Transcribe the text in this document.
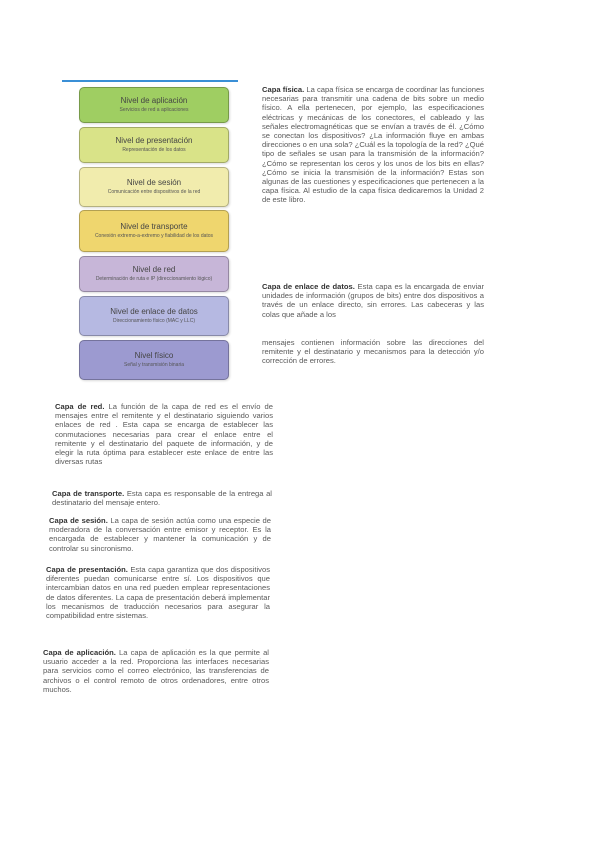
Nivel de aplicación
Servicios de red a aplicaciones
Nivel de presentación
Representación de los datos
Nivel de sesión
Comunicación entre dispositivos de la red
Nivel de transporte
Conexión extremo-a-extremo y fiabilidad de los datos
Nivel de red
Determinación de ruta e IP (direccionamiento lógico)
Nivel de enlace de datos
Direccionamiento físico (MAC y LLC)
Nivel físico
Señal y transmisión binaria
Capa física. La capa física se encarga de coordinar las funciones necesarias para transmitir una cadena de bits sobre un medio físico. A ella pertenecen, por ejemplo, las especificaciones eléctricas y mecánicas de los conectores, el cableado y las señales electromagnéticas que se envían a través de él. ¿Cómo se conectan los dispositivos? ¿La información fluye en ambas direcciones o en una sola? ¿Cuál es la topología de la red? ¿Qué tipo de señales se usan para la transmisión de la información? ¿Cómo se representan los ceros y los unos de los bits en ellas? ¿Cómo se inicia la transmisión de la información? Estas son algunas de las cuestiones y especificaciones que pertenecen a la capa física. Al estudio de la capa física dedicaremos la Unidad 2 de este libro.
Capa de enlace de datos. Esta capa es la encargada de enviar unidades de información (grupos de bits) entre dos dispositivos a través de un enlace directo, sin errores. Las cabeceras y las colas que añade a los
mensajes contienen información sobre las direcciones del remitente y el destinatario y mecanismos para la detección y/o corrección de errores.
Capa de red. La función de la capa de red es el envío de mensajes entre el remitente y el destinatario siguiendo varios enlaces de red . Esta capa se encarga de establecer las conmutaciones necesarias para crear el enlace entre el remitente y el destinatario del paquete de información, y de elegir la ruta óptima para establecer este enlace de entre las diversas rutas
Capa de transporte. Esta capa es responsable de la entrega al destinatario del mensaje entero.
Capa de sesión. La capa de sesión actúa como una especie de moderadora de la conversación entre emisor y receptor. Es la encargada de establecer y mantener la comunicación y de controlar su sincronismo.
Capa de presentación. Esta capa garantiza que dos dispositivos diferentes puedan comunicarse entre sí. Los dispositivos que intercambian datos en una red pueden emplear representaciones de datos diferentes. La capa de presentación deberá implementar los mecanismos de traducción necesarios para asegurar la compatibilidad entre sistemas.
Capa de aplicación. La capa de aplicación es la que permite al usuario acceder a la red. Proporciona las interfaces necesarias para servicios como el correo electrónico, las transferencias de archivos o el control remoto de otros ordenadores, entre otros muchos.
